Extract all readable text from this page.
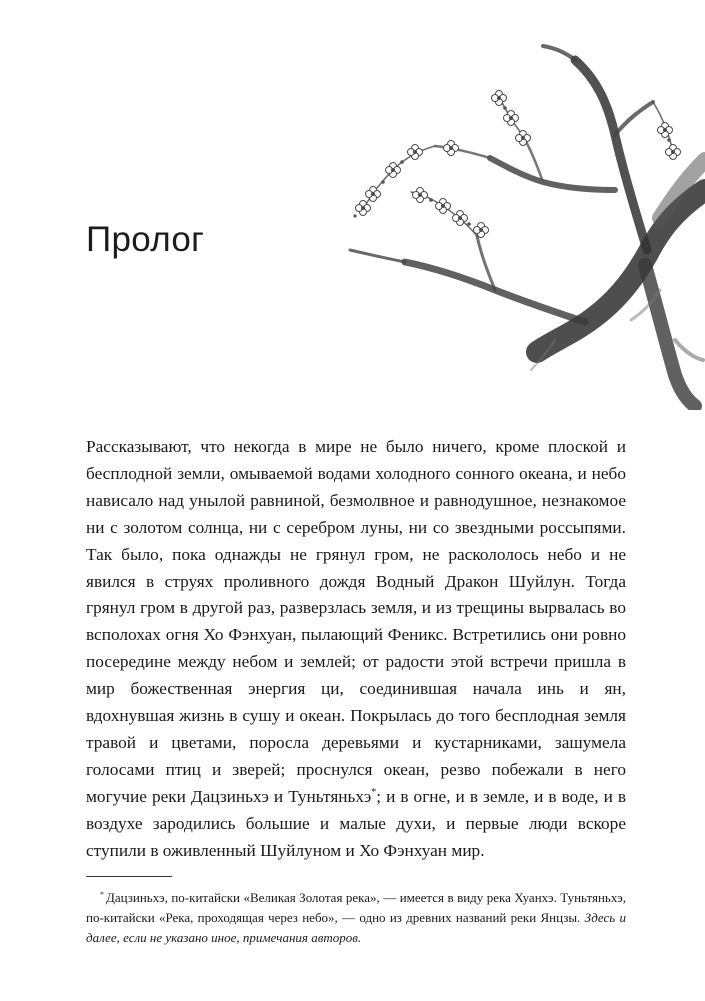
Пролог

Рассказывают, что некогда в мире не было ничего, кроме плоской и бесплодной земли, омываемой водами холодного сонного океана, и небо нависало над унылой равниной, безмолвное и равнодушное, незнакомое ни с золотом солнца, ни с серебром луны, ни со звездными россыпями. Так было, пока однажды не грянул гром, не раскололось небо и не явился в струях проливного дождя Водный Дракон Шуйлун. Тогда грянул гром в другой раз, разверзлась земля, и из трещины вырвалась во всполохах огня Хо Фэнхуан, пылающий Феникс. Встретились они ровно посередине между небом и землей; от радости этой встречи пришла в мир божественная энергия ци, соединившая начала инь и ян, вдохнувшая жизнь в сушу и океан. Покрылась до того бесплодная земля травой и цветами, поросла деревьями и кустарниками, зашумела голосами птиц и зверей; проснулся океан, резво побежали в него могучие реки Дацзиньхэ и Туньтяньхэ*; и в огне, и в земле, и в воде, и в воздухе зародились большие и малые духи, и первые люди вскоре ступили в оживленный Шуйлуном и Хо Фэнхуан мир.

* Дацзиньхэ, по-китайски «Великая Золотая река», — имеется в виду река Хуанхэ. Туньтяньхэ, по-китайски «Река, проходящая через небо», — одно из древних названий реки Янцзы. Здесь и далее, если не указано иное, примечания авторов.
